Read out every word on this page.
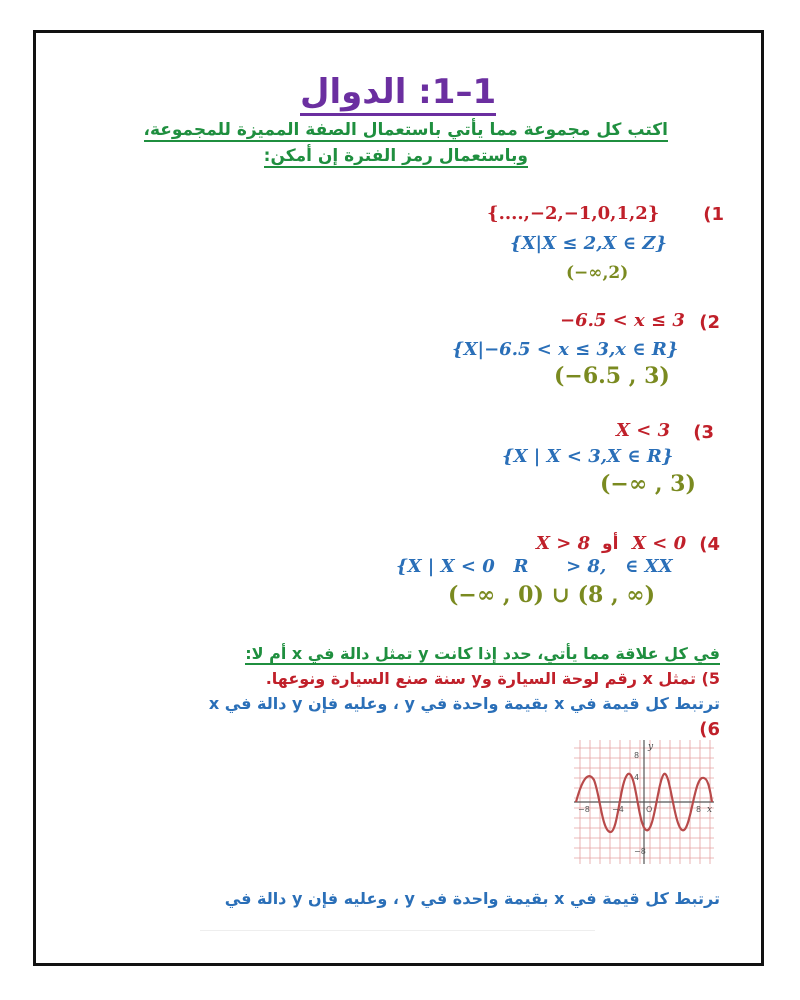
1–1: الدوال
اكتب كل مجموعة مما يأتي باستعمال الصفة المميزة للمجموعة،
وباستعمال رمز الفترة إن أمكن:
1)
{....,−2,−1,0,1,2}
{X|X ≤ 2,X ∈ Z}
(−∞,2)
2)
−6.5 < x ≤ 3
{X|−6.5 < x ≤ 3,x ∈ R}
(−6.5 , 3)
3)
X < 3
{X | X < 3,X ∈ R}
(−∞ , 3)
4)
X < 0
أو
X > 8
{X | X < 0   R      > 8,   ∈ XX
(−∞ , 0) ∪ (8 , ∞)
في كل علاقة مما يأتي، حدد إذا كانت y تمثل دالة في x أم لا:
5) تمثل x رقم لوحة السيارة وy سنة صنع السيارة ونوعها.
ترتبط كل قيمة في x بقيمة واحدة في y ، وعليه فإن y دالة في x
6)
y
x
8
4
−4	8
−8
−8
O
ترتبط كل قيمة في x بقيمة واحدة في y ، وعليه فإن y دالة في
